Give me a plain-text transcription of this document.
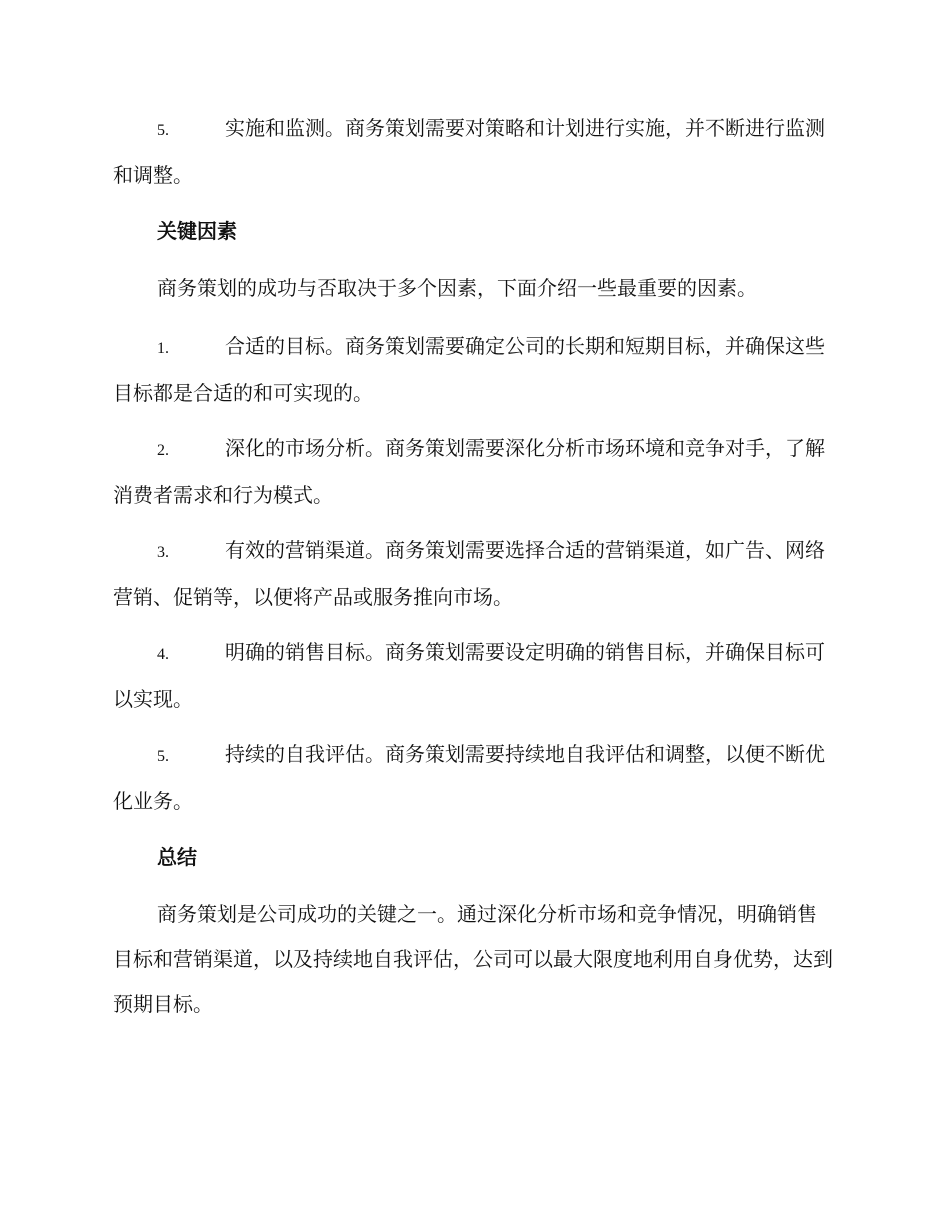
5.	实施和监测。商务策划需要对策略和计划进行实施，并不断进行监测和调整。
关键因素
商务策划的成功与否取决于多个因素，下面介绍一些最重要的因素。
1.	合适的目标。商务策划需要确定公司的长期和短期目标，并确保这些目标都是合适的和可实现的。
2.	深化的市场分析。商务策划需要深化分析市场环境和竞争对手，了解消费者需求和行为模式。
3.	有效的营销渠道。商务策划需要选择合适的营销渠道，如广告、网络营销、促销等，以便将产品或服务推向市场。
4.	明确的销售目标。商务策划需要设定明确的销售目标，并确保目标可以实现。
5.	持续的自我评估。商务策划需要持续地自我评估和调整，以便不断优化业务。
总结
商务策划是公司成功的关键之一。通过深化分析市场和竞争情况，明确销售目标和营销渠道，以及持续地自我评估，公司可以最大限度地利用自身优势，达到预期目标。
